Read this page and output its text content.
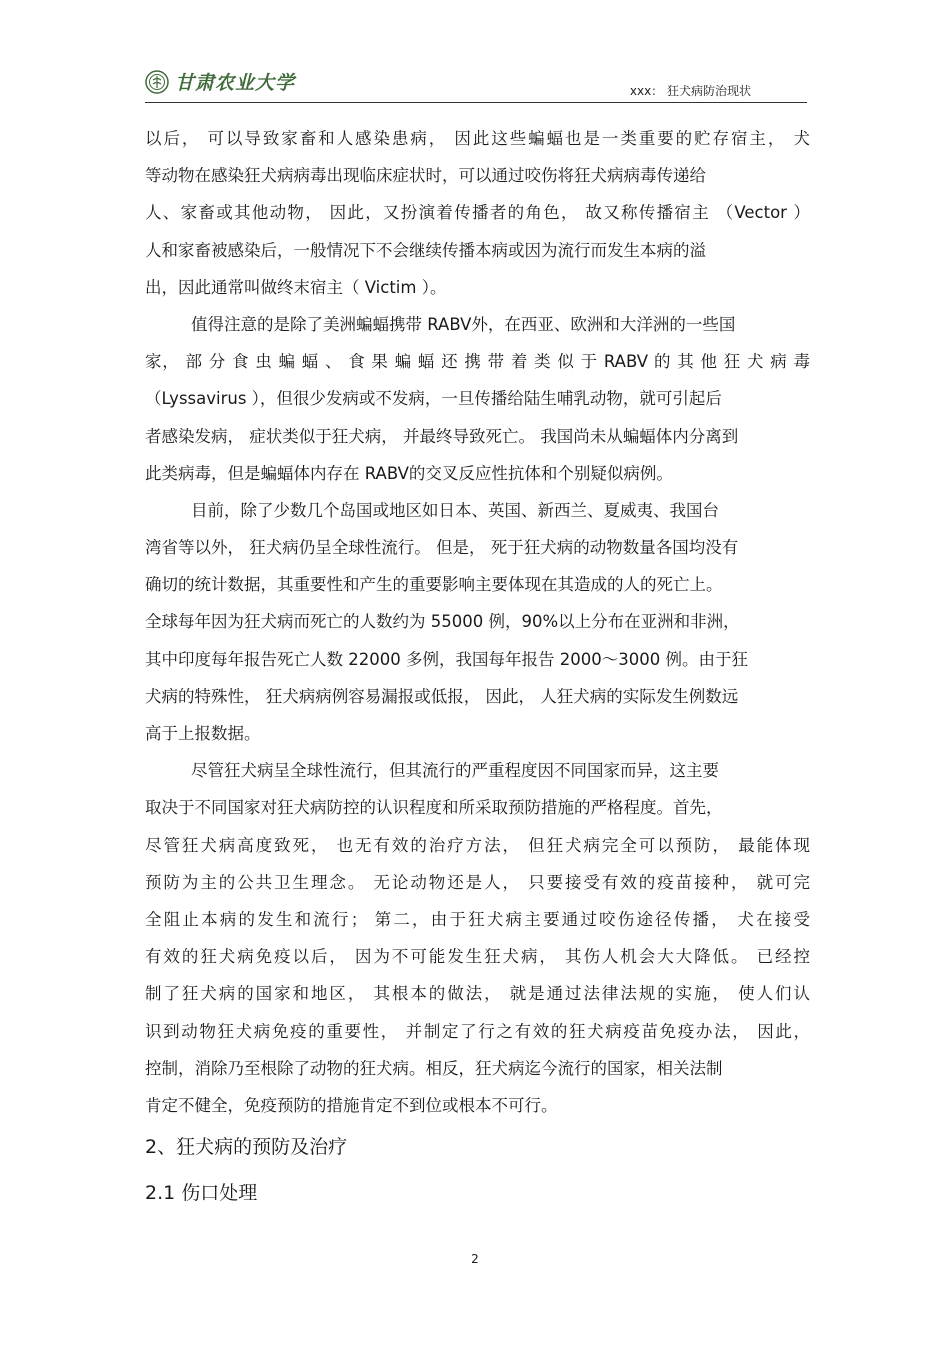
甘肃农业大学	xxx： 狂犬病防治现状
以后， 可以导致家畜和人感染患病， 因此这些蝙蝠也是一类重要的贮存宿主， 犬
等动物在感染狂犬病病毒出现临床症状时，可以通过咬伤将狂犬病病毒传递给
人、家畜或其他动物， 因此，又扮演着传播者的角色， 故又称传播宿主 （Vector ）
人和家畜被感染后，一般情况下不会继续传播本病或因为流行而发生本病的溢
出，因此通常叫做终末宿主（ Victim ）。
值得注意的是除了美洲蝙蝠携带 RABV外，在西亚、欧洲和大洋洲的一些国
家， 部 分 食 虫 蝙 蝠 、 食 果 蝙 蝠 还 携 带 着 类 似 于 RABV 的 其 他 狂 犬 病 毒
（Lyssavirus ），但很少发病或不发病，一旦传播给陆生哺乳动物，就可引起后
者感染发病， 症状类似于狂犬病， 并最终导致死亡。 我国尚未从蝙蝠体内分离到
此类病毒，但是蝙蝠体内存在 RABV的交叉反应性抗体和个别疑似病例。
目前，除了少数几个岛国或地区如日本、英国、新西兰、夏威夷、我国台
湾省等以外， 狂犬病仍呈全球性流行。 但是， 死于狂犬病的动物数量各国均没有
确切的统计数据，其重要性和产生的重要影响主要体现在其造成的人的死亡上。
全球每年因为狂犬病而死亡的人数约为 55000 例，90%以上分布在亚洲和非洲，
其中印度每年报告死亡人数 22000 多例，我国每年报告 2000～3000 例。由于狂
犬病的特殊性， 狂犬病病例容易漏报或低报， 因此， 人狂犬病的实际发生例数远
高于上报数据。
尽管狂犬病呈全球性流行，但其流行的严重程度因不同国家而异，这主要
取决于不同国家对狂犬病防控的认识程度和所采取预防措施的严格程度。首先，
尽管狂犬病高度致死， 也无有效的治疗方法， 但狂犬病完全可以预防， 最能体现
预防为主的公共卫生理念。 无论动物还是人， 只要接受有效的疫苗接种， 就可完
全阻止本病的发生和流行； 第二，由于狂犬病主要通过咬伤途径传播， 犬在接受
有效的狂犬病免疫以后， 因为不可能发生狂犬病， 其伤人机会大大降低。 已经控
制了狂犬病的国家和地区， 其根本的做法， 就是通过法律法规的实施， 使人们认
识到动物狂犬病免疫的重要性， 并制定了行之有效的狂犬病疫苗免疫办法， 因此，
控制，消除乃至根除了动物的狂犬病。相反，狂犬病迄今流行的国家，相关法制
肯定不健全，免疫预防的措施肯定不到位或根本不可行。
2、狂犬病的预防及治疗
2.1 伤口处理
2
